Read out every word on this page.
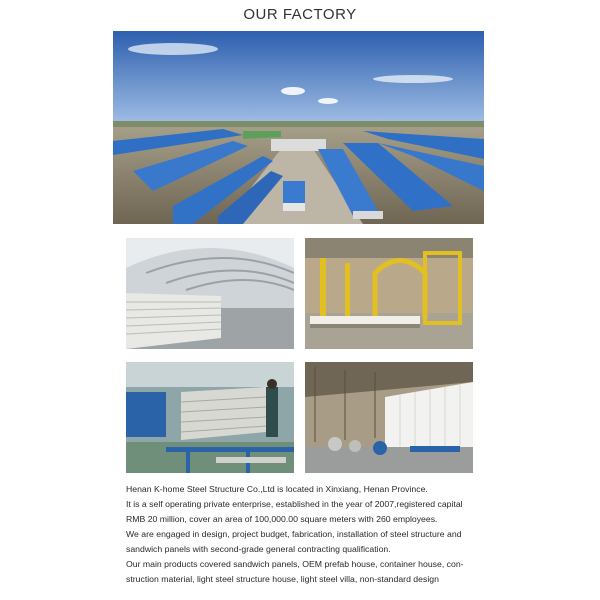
OUR FACTORY

Henan K-home Steel Structure Co.,Ltd is located in Xinxiang, Henan Province.

It is a self operating private enterprise, established in the year of 2007,registered capital

RMB 20 million, cover an area of 100,000.00 square meters with 260 employees.

We are engaged in design, project budget, fabrication, installation of steel structure and

sandwich panels with second-grade general contracting qualification.

Our main products covered sandwich panels, OEM prefab house, container house, con-

struction material, light steel structure house, light steel villa, non-standard design
